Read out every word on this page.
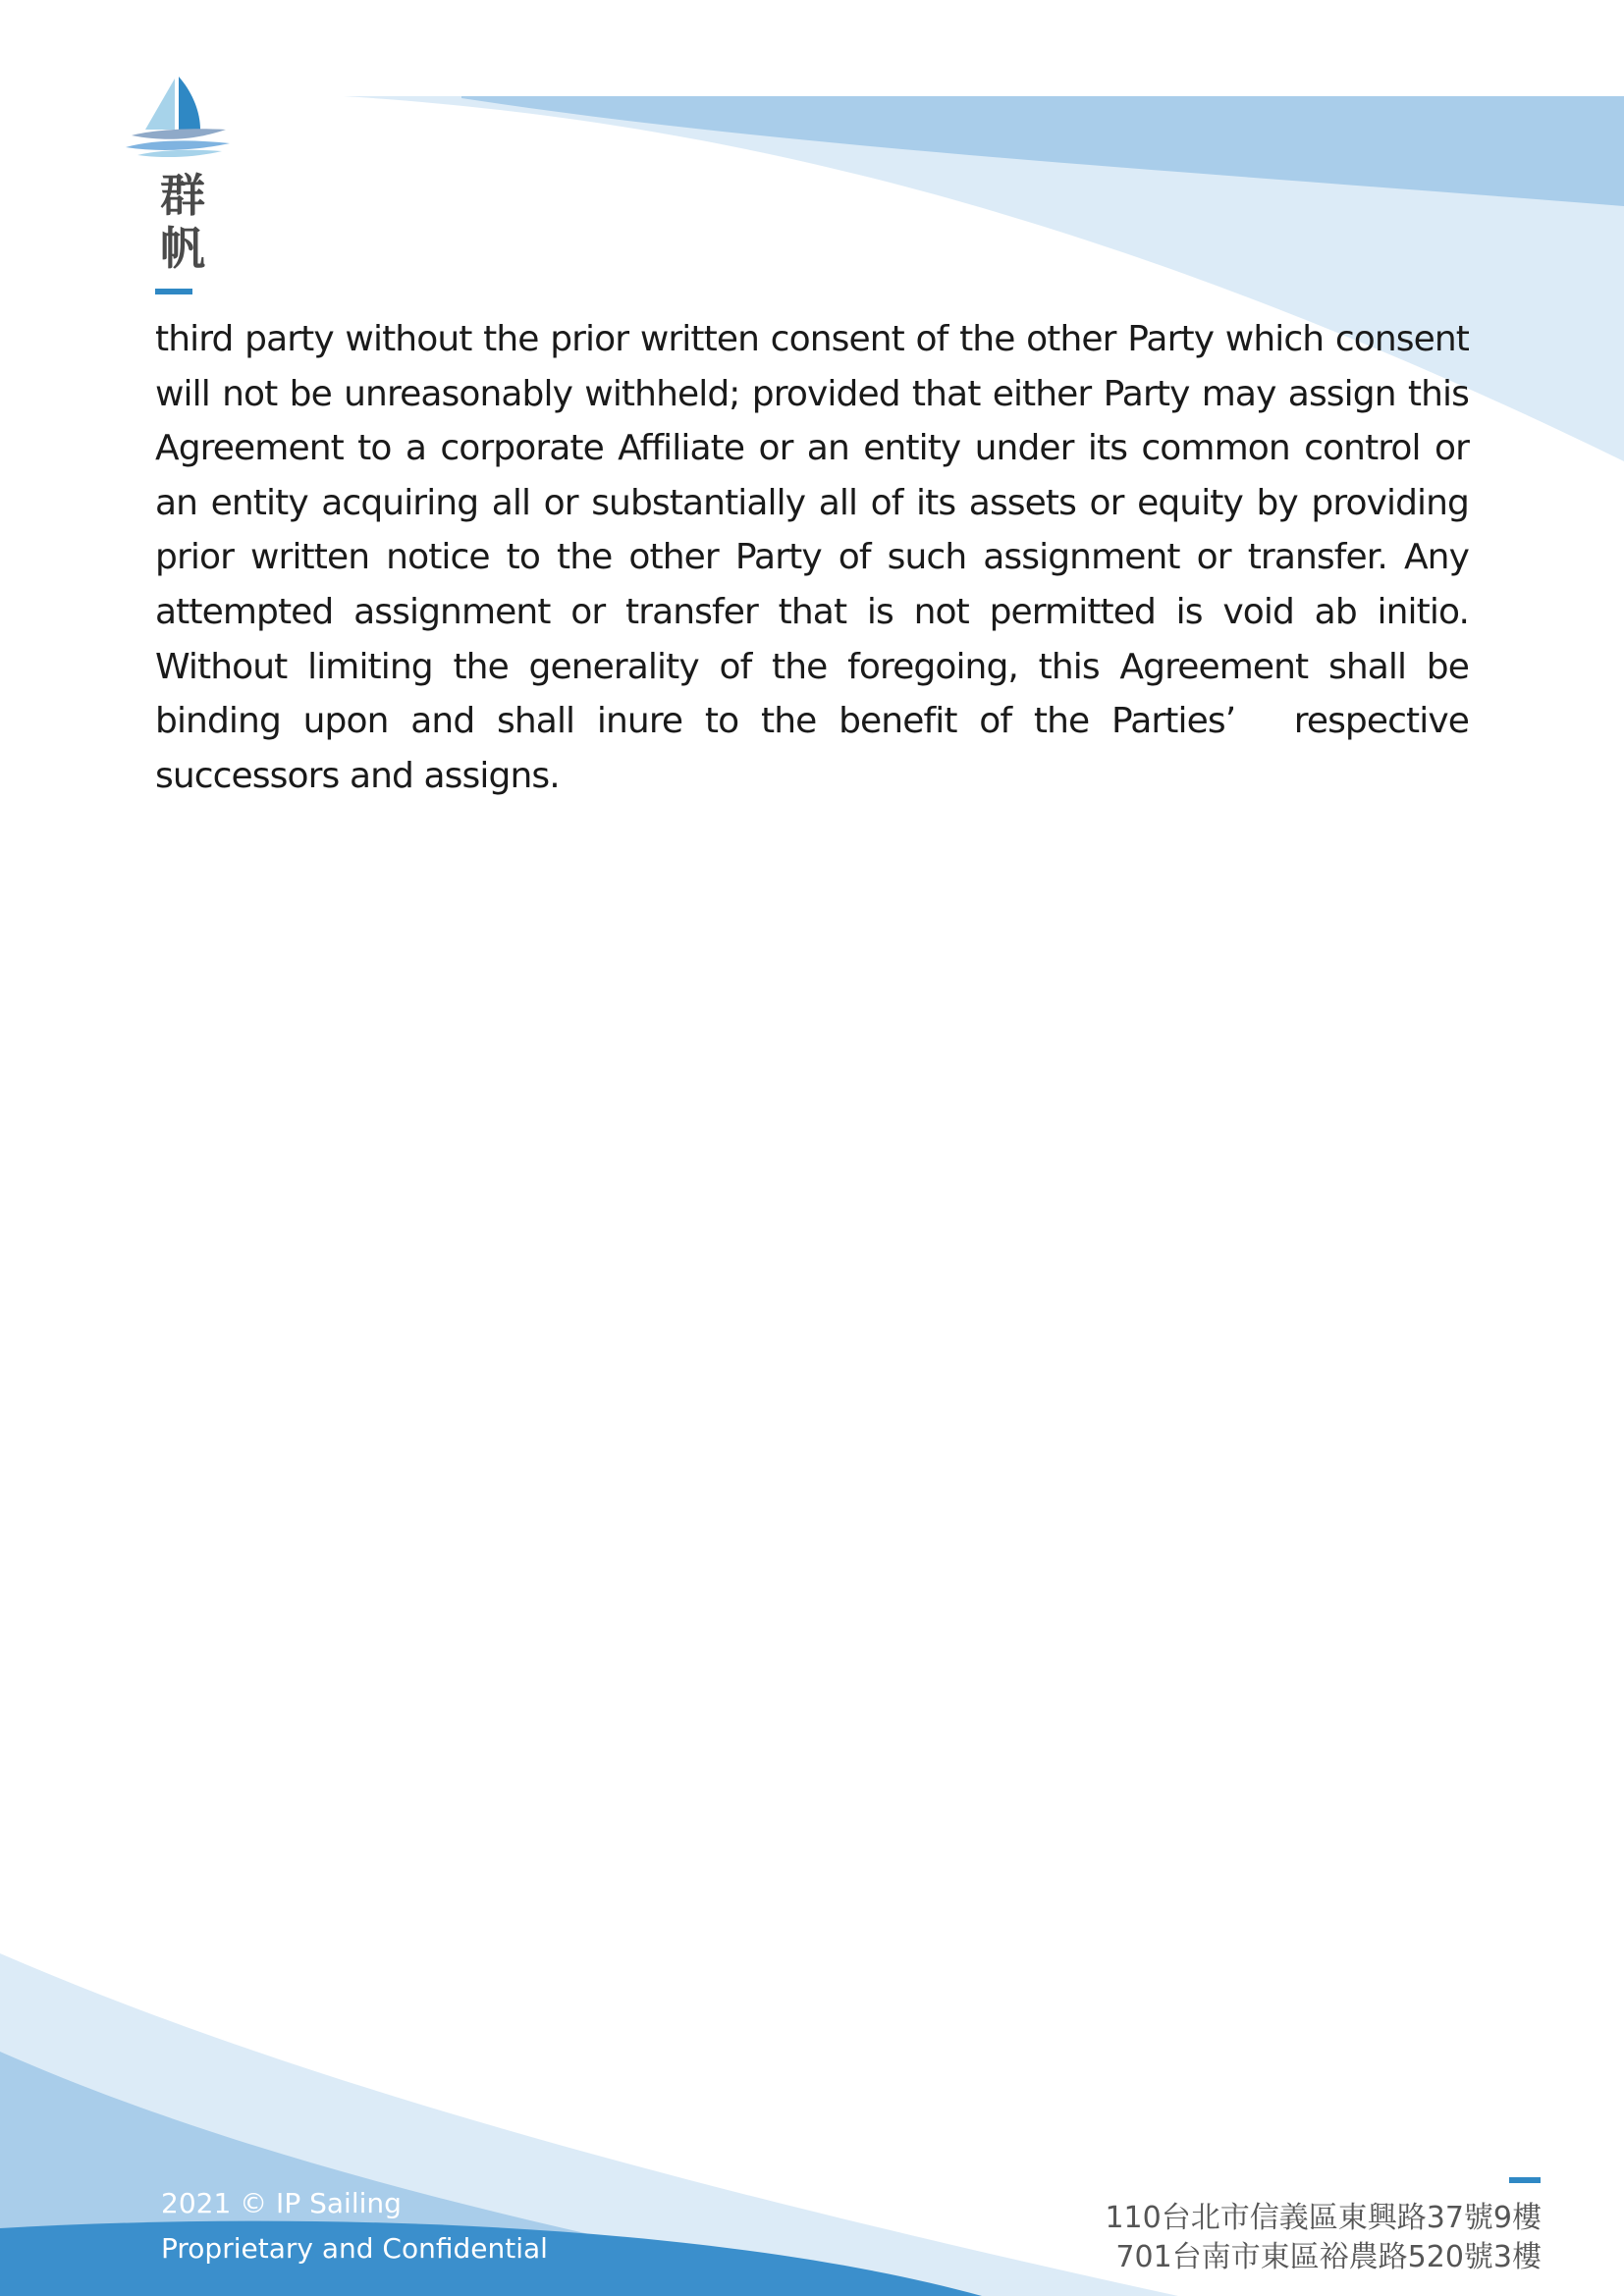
群
帆

third party without the prior written consent of the other Party which consent will not be unreasonably withheld; provided that either Party may assign this Agreement to a corporate Affiliate or an entity under its common control or an entity acquiring all or substantially all of its assets or equity by providing prior written notice to the other Party of such assignment or transfer. Any attempted assignment or transfer that is not permitted is void ab initio. Without limiting the generality of the foregoing, this Agreement shall be binding upon and shall inure to the benefit of the Parties’　respective successors and assigns.

2021 © IP Sailing
Proprietary and Confidential
110台北市信義區東興路37號9樓
701台南市東區裕農路520號3樓
